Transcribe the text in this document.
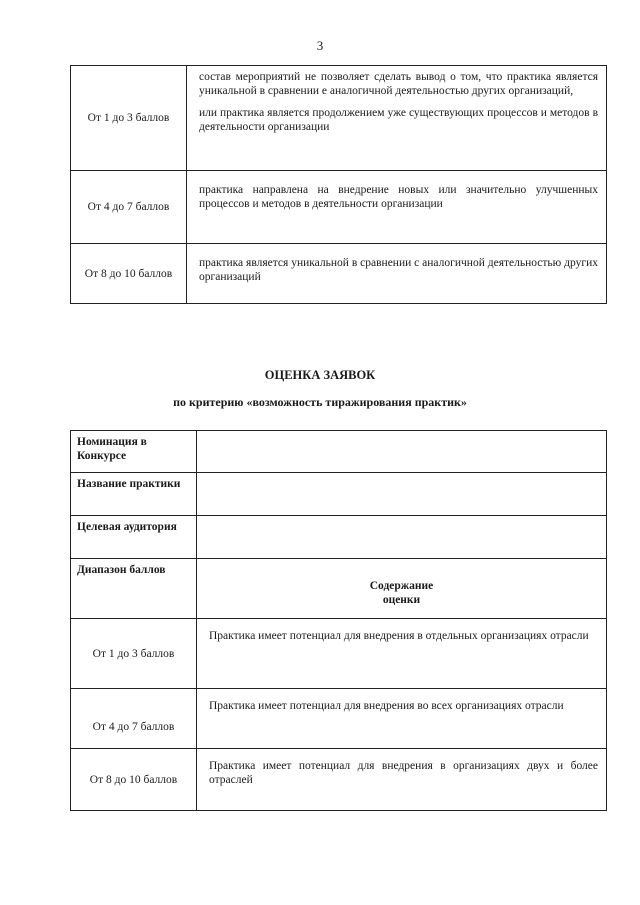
3
От 1 до 3 баллов	состав мероприятий не позволяет сделать вывод о том, что практика является уникальной в сравнении е аналогичной деятельностью других организаций,

или практика является продолжением уже существующих процессов и методов в деятельности организации

От 4 до 7 баллов	практика направлена на внедрение новых или значительно улучшенных процессов и методов в деятельности организации

От 8 до 10 баллов	практика является уникальной в сравнении с аналогичной деятельностью других организаций

ОЦЕНКА ЗАЯВОК
по критерию «возможность тиражирования практик»
Номинация в Конкурсе	
Название практики	
Целевая аудитория	
Диапазон баллов	Содержание оценки

От 1 до 3 баллов	Практика имеет потенциал для внедрения в отдельных организациях отрасли
От 4 до 7 баллов	Практика имеет потенциал для внедрения во всех организациях отрасли
От 8 до 10 баллов	Практика имеет потенциал для внедрения в организациях двух и более отраслей
